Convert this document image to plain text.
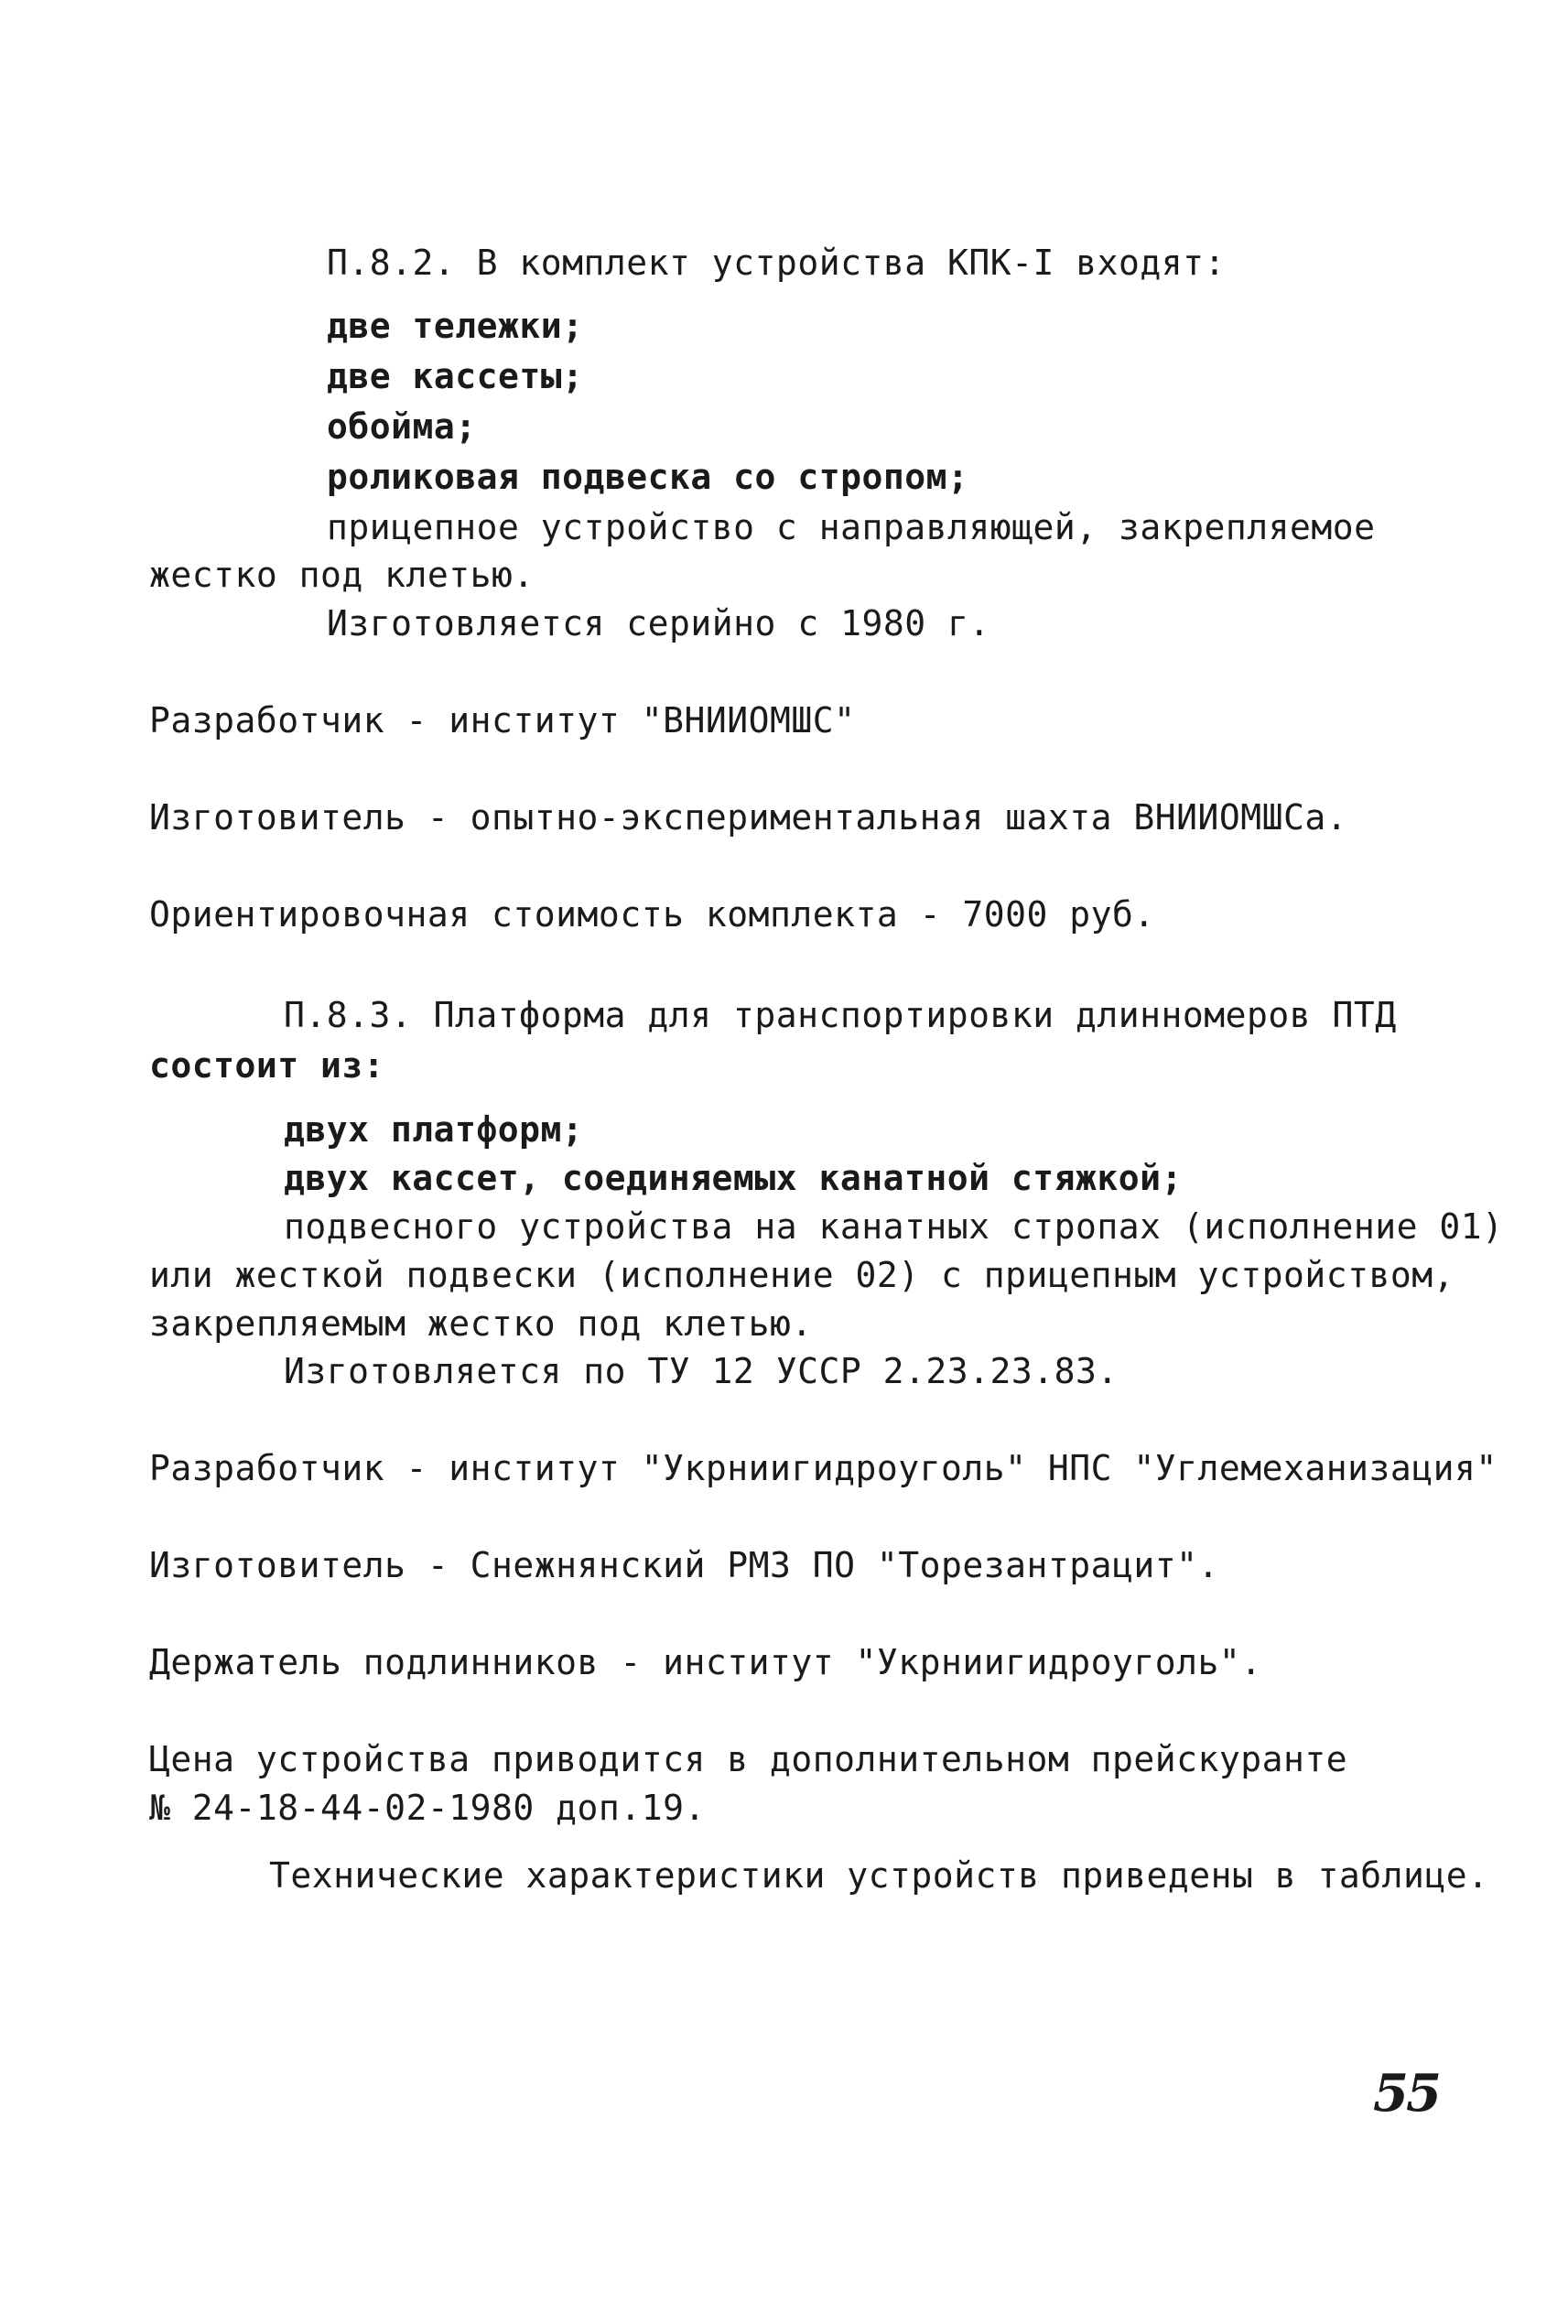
П.8.2. В комплект устройства КПК-I входят:
две тележки;
две кассеты;
обойма;
роликовая подвеска со стропом;
прицепное устройство с направляющей, закрепляемое
жестко под клетью.
Изготовляется серийно с 1980 г.
Разработчик - институт "ВНИИОМШС"
Изготовитель - опытно-экспериментальная шахта ВНИИОМШСа.
Ориентировочная стоимость комплекта - 7000 руб.
П.8.3. Платформа для транспортировки длинномеров ПТД
состоит из:
двух платформ;
двух кассет, соединяемых канатной стяжкой;
подвесного устройства на канатных стропах (исполнение 01)
или жесткой подвески (исполнение 02) с прицепным устройством,
закрепляемым жестко под клетью.
Изготовляется по ТУ 12 УССР 2.23.23.83.
Разработчик - институт "Укрниигидроуголь" НПС "Углемеханизация"
Изготовитель - Снежнянский РМЗ ПО "Торезантрацит".
Держатель подлинников - институт "Укрниигидроуголь".
Цена устройства приводится в дополнительном прейскуранте
№ 24-18-44-02-1980 доп.19.
Технические характеристики устройств приведены в таблице.
55
